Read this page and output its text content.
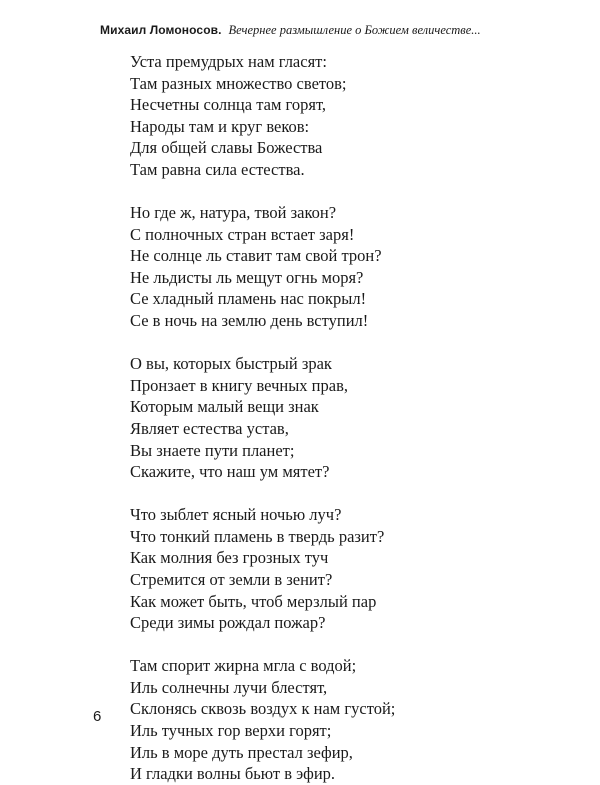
Михаил Ломоносов. Вечернее размышление о Божием величестве...
Уста премудрых нам гласят:
Там разных множество светов;
Несчетны солнца там горят,
Народы там и круг веков:
Для общей славы Божества
Там равна сила естества.
Но где ж, натура, твой закон?
С полночных стран встает заря!
Не солнце ль ставит там свой трон?
Не льдисты ль мещут огнь моря?
Се хладный пламень нас покрыл!
Се в ночь на землю день вступил!
О вы, которых быстрый зрак
Пронзает в книгу вечных прав,
Которым малый вещи знак
Являет естества устав,
Вы знаете пути планет;
Скажите, что наш ум мятет?
Что зыблет ясный ночью луч?
Что тонкий пламень в твердь разит?
Как молния без грозных туч
Стремится от земли в зенит?
Как может быть, чтоб мерзлый пар
Среди зимы рождал пожар?
Там спорит жирна мгла с водой;
Иль солнечны лучи блестят,
Склонясь сквозь воздух к нам густой;
Иль тучных гор верхи горят;
Иль в море дуть престал зефир,
И гладки волны бьют в эфир.
6
